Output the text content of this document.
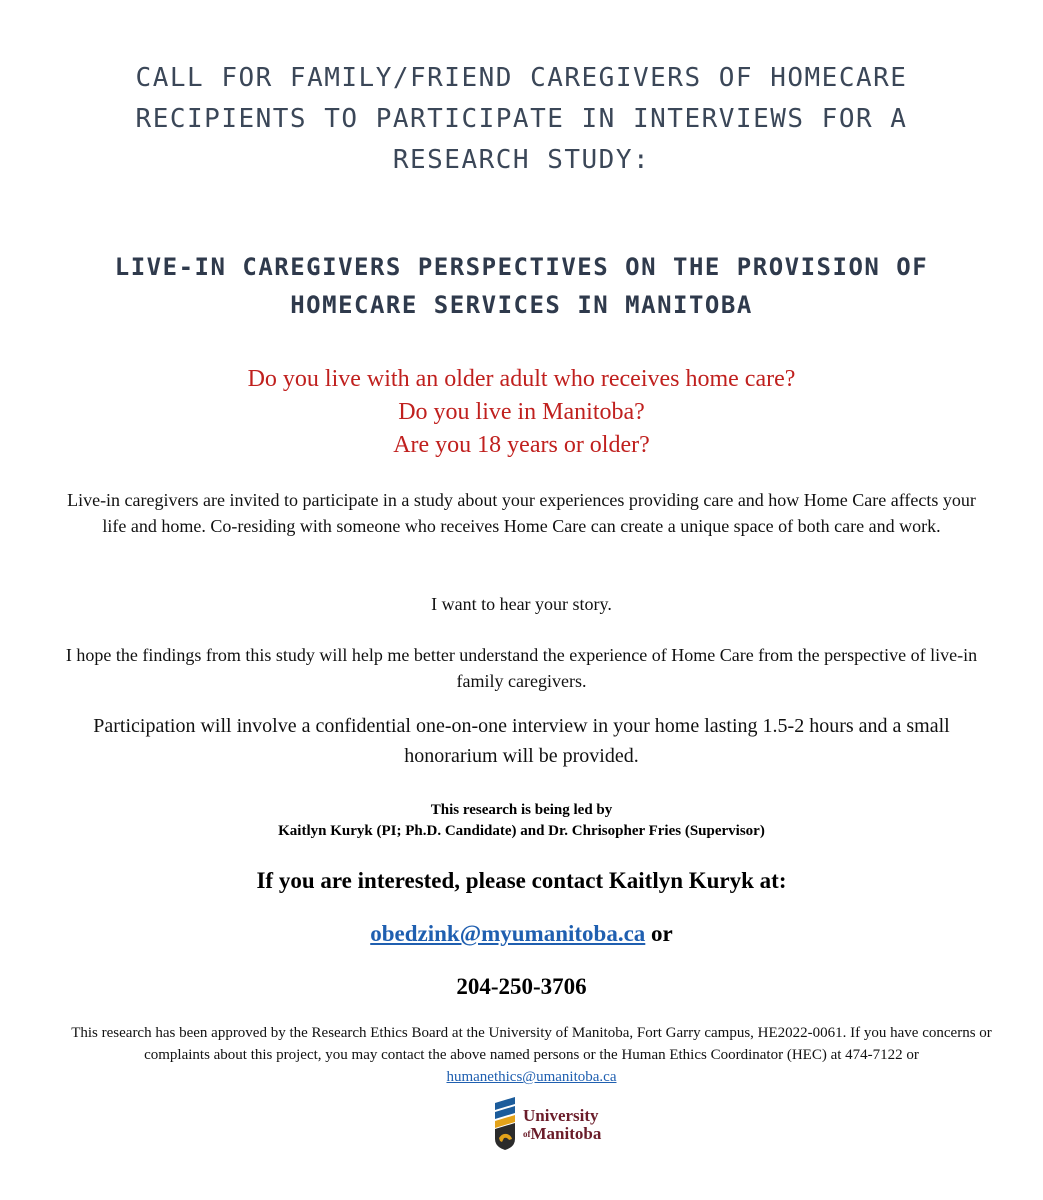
CALL FOR FAMILY/FRIEND CAREGIVERS OF HOMECARE
RECIPIENTS TO PARTICIPATE IN INTERVIEWS FOR A
RESEARCH STUDY:
LIVE-IN CAREGIVERS PERSPECTIVES ON THE PROVISION OF
HOMECARE SERVICES IN MANITOBA
Do you live with an older adult who receives home care?
Do you live in Manitoba?
Are you 18 years or older?
Live-in caregivers are invited to participate in a study about your experiences providing care and how Home Care affects your life and home. Co-residing with someone who receives Home Care can create a unique space of both care and work.
I want to hear your story.
I hope the findings from this study will help me better understand the experience of Home Care from the perspective of live-in family caregivers.
Participation will involve a confidential one-on-one interview in your home lasting 1.5-2 hours and a small honorarium will be provided.
This research is being led by
Kaitlyn Kuryk (PI; Ph.D. Candidate) and Dr. Chrisopher Fries (Supervisor)
If you are interested, please contact Kaitlyn Kuryk at:
obedzink@myumanitoba.ca or
204-250-3706
This research has been approved by the Research Ethics Board at the University of Manitoba, Fort Garry campus, HE2022-0061. If you have concerns or complaints about this project, you may contact the above named persons or the Human Ethics Coordinator (HEC) at 474-7122 or humanethics@umanitoba.ca
University
$^{of}$Manitoba
